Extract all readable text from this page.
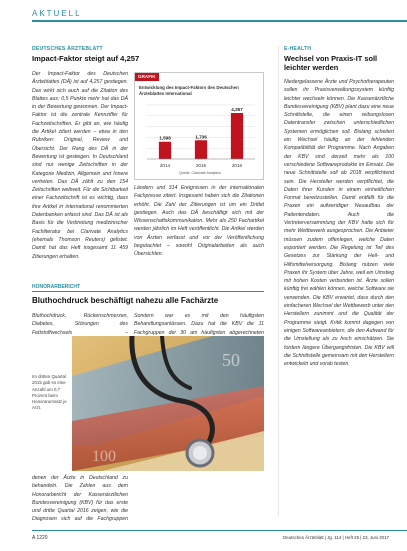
AKTUELL
DEUTSCHES ÄRZTEBLATT
Impact-Faktor steigt auf 4,257
Der Impact-Faktor des Deutschen Ärzteblattes (DÄ) ist auf 4,257 gestiegen. Das wirkt sich auch auf die Zitation des Blattes aus: 0,5 Punkte mehr hat das DÄ in der Bewertung gewonnen. Der Impact-Faktor ist die zentrale Kennziffer für Fachzeitschriften. Er gibt an, wie häufig die Artikel zitiert werden – etwa in den Rubriken: Original, Review und Übersicht. Der Rang des DÄ in der Bewertung ist gestiegen. In Deutschland sind nur wenige Zeitschriften in der Kategorie Medizin, Allgemein und Innere vertreten. Das DÄ zählt zu den 154 Zeitschriften weltweit. Für die Sichtbarkeit einer Fachzeitschrift ist es wichtig, dass ihre Artikel in international renommierten Datenbanken erfasst sind. Das DÄ ist als Basis für die Verbreitung medizinischer Fachliteratur bei Clarivate Analytics (ehemals Thomson Reuters) gelistet. Damit hat das Heft insgesamt 11 459 Zitierungen erhalten.
Ländern und 314 Ereignissen in der internationalen Fachpresse zitiert. Insgesamt haben sich die Zitationen erhöht. Die Zahl der Zitierungen ist um ein Drittel gestiegen. Auch das DÄ beschäftigt sich mit der Wissenschaftskommunikation. Mehr als 250 Fachartikel werden jährlich im Heft veröffentlicht. Die Artikel werden von Ärzten verfasst und vor der Veröffentlichung begutachtet – sowohl Originalarbeiten als auch Übersichten.
GRAFIK
Entwicklung des Impact-Faktors des Deutschen Ärzteblattes International
1,598
2014
1,736
2015
4,257
2016
Quelle: Clarivate Analytics
E-HEALTH
Wechsel von Praxis-IT soll leichter werden
Niedergelassene Ärzte und Psychotherapeuten sollen ihr Praxisverwaltungssystem künftig leichter wechseln können. Die Kassenärztliche Bundesvereinigung (KBV) plant dazu eine neue Schnittstelle, die einen reibungslosen Datentransfer zwischen unterschiedlichen Systemen ermöglichen soll. Bislang scheitert ein Wechsel häufig an der fehlenden Kompatibilität der Programme. Nach Angaben der KBV sind derzeit mehr als 100 verschiedene Softwareprodukte im Einsatz. Die neue Schnittstelle soll ab 2018 verpflichtend sein. Die Hersteller werden verpflichtet, die Daten ihrer Kunden in einem einheitlichen Format bereitzustellen. Damit entfällt für die Praxen ein aufwendiger Neuaufbau der Patientendaten. Auch die Vertreterversammlung der KBV hatte sich für mehr Wettbewerb ausgesprochen. Die Anbieter müssen zudem offenlegen, welche Daten exportiert werden. Die Regelung ist Teil des Gesetzes zur Stärkung der Heil- und Hilfsmittelversorgung. Bislang nutzen viele Praxen ihr System über Jahre, weil ein Umstieg mit hohen Kosten verbunden ist. Ärzte sollen künftig frei wählen können, welche Software sie verwenden. Die KBV erwartet, dass durch den einfacheren Wechsel der Wettbewerb unter den Herstellern zunimmt und die Qualität der Programme steigt. Kritik kommt dagegen von einigen Softwareanbietern, die den Aufwand für die Umstellung als zu hoch einschätzen. Sie fordern längere Übergangsfristen. Die KBV will die Schnittstelle gemeinsam mit den Herstellern entwickeln und vorab testen.
HONORARBERICHT
Bluthochdruck beschäftigt nahezu alle Fachärzte
Bluthochdruck, Rückenschmerzen, Diabetes, Störungen des Fettstoffwechsels –
Sondern war es mit den häufigsten Behandlungsanlässen. Dazu hat die KBV die 11 Fachgruppen der 30 am häufigsten abgerechneten
50
100
Im dritten Quartal 2015 gab es eine Anzahl um 0,7 Prozent beim Honorarumsatz je Arzt.
denen der Ärzte in Deutschland zu behandeln. Die Zahlen aus dem Honorarbericht der Kassenärztlichen Bundesvereinigung (KBV) für das erste und dritte Quartal 2016 zeigen, wie die Diagnosen sich auf die Fachgruppen
A 1220	Deutsches Ärzteblatt | Jg. 114 | Heft 25 | 23. Juni 2017
